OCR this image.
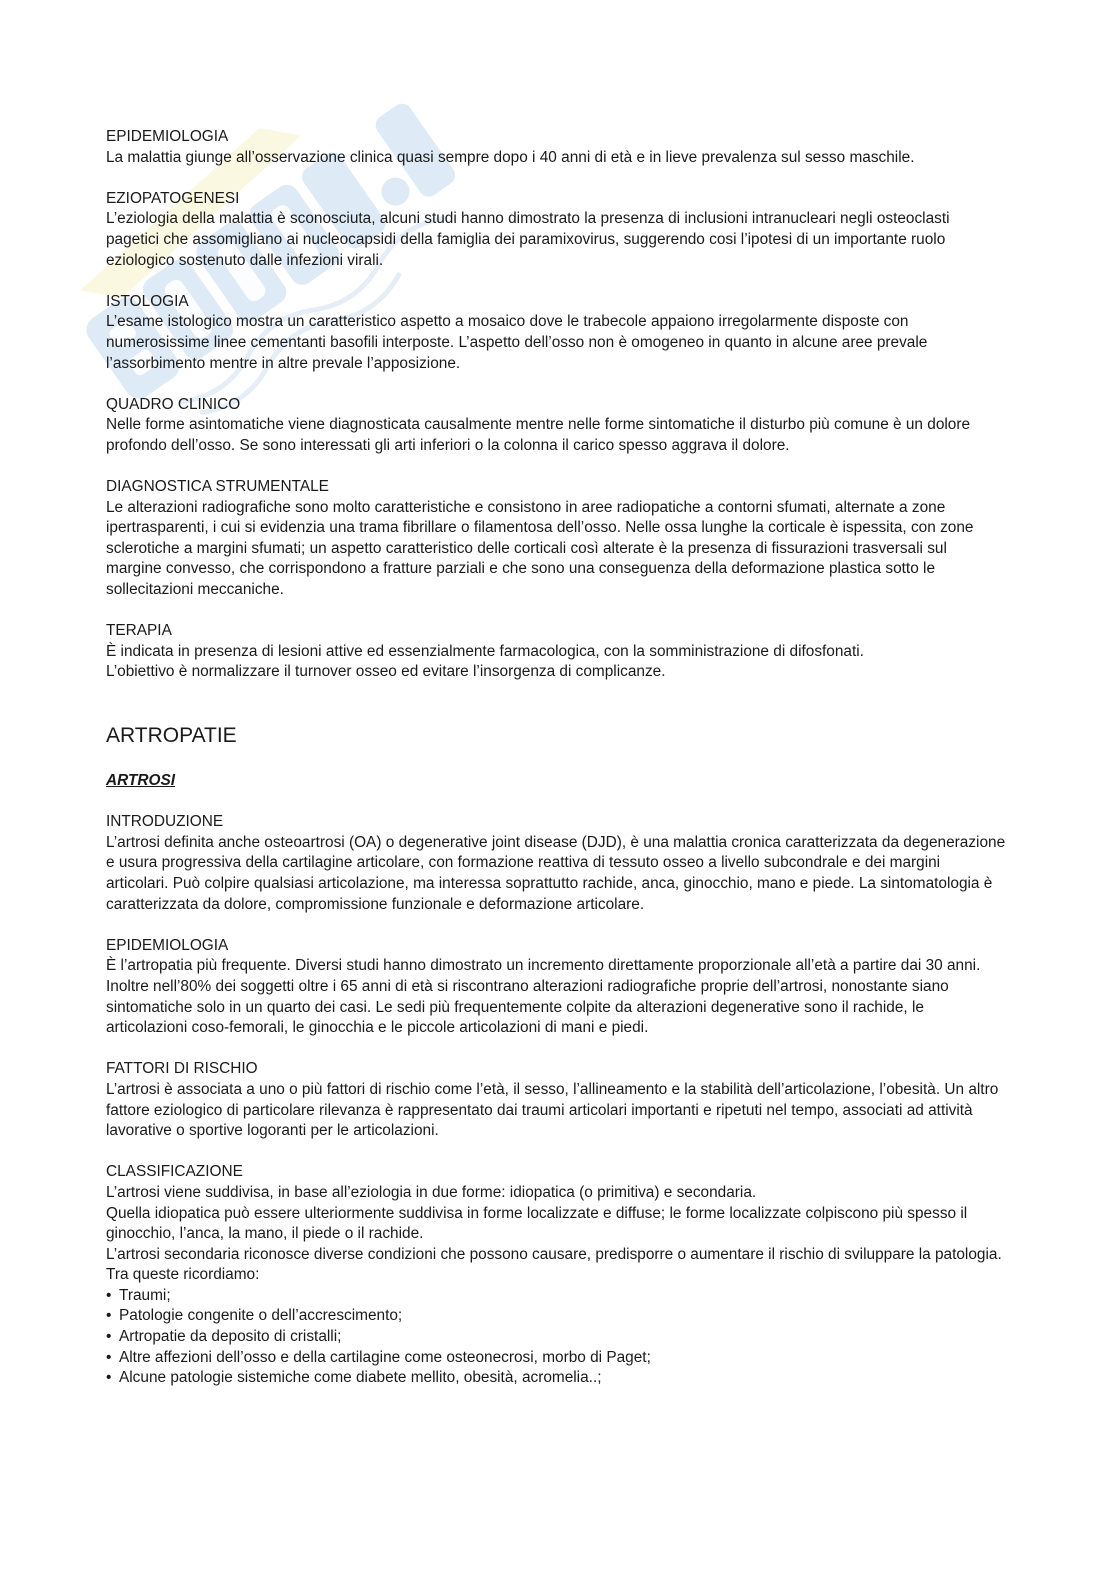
EPIDEMIOLOGIA
La malattia giunge all’osservazione clinica quasi sempre dopo i 40 anni di età e in lieve prevalenza sul sesso maschile.
EZIOPATOGENESI
L’eziologia della malattia è sconosciuta, alcuni studi hanno dimostrato la presenza di inclusioni intranucleari negli osteoclasti pagetici che assomigliano ai nucleocapsidi della famiglia dei paramixovirus, suggerendo cosi l’ipotesi di un importante ruolo eziologico sostenuto dalle infezioni virali.
ISTOLOGIA
L’esame istologico mostra un caratteristico aspetto a mosaico dove le trabecole appaiono irregolarmente disposte con numerosissime linee cementanti basofili interposte. L’aspetto dell’osso non è omogeneo in quanto in alcune aree prevale l’assorbimento mentre in altre prevale l’apposizione.
QUADRO CLINICO
Nelle forme asintomatiche viene diagnosticata causalmente mentre nelle forme sintomatiche il disturbo più comune è un dolore profondo dell’osso. Se sono interessati gli arti inferiori o la colonna il carico spesso aggrava il dolore.
DIAGNOSTICA STRUMENTALE
Le alterazioni radiografiche sono molto caratteristiche e consistono in aree radiopatiche a contorni sfumati, alternate a zone ipertrasparenti, i cui si evidenzia una trama fibrillare o filamentosa dell’osso. Nelle ossa lunghe la corticale è ispessita, con zone sclerotiche a margini sfumati; un aspetto caratteristico delle corticali così alterate è la presenza di fissurazioni trasversali sul margine convesso, che corrispondono a fratture parziali e che sono una conseguenza della deformazione plastica sotto le sollecitazioni meccaniche.
TERAPIA
È indicata in presenza di lesioni attive ed essenzialmente farmacologica, con la somministrazione di difosfonati.
L’obiettivo è normalizzare il turnover osseo ed evitare l’insorgenza di complicanze.
ARTROPATIE
ARTROSI
INTRODUZIONE
L’artrosi definita anche osteoartrosi (OA) o degenerative joint disease (DJD), è una malattia cronica caratterizzata da degenerazione e usura progressiva della cartilagine articolare, con formazione reattiva di tessuto osseo a livello subcondrale e dei margini articolari. Può colpire qualsiasi articolazione, ma interessa soprattutto rachide, anca, ginocchio, mano e piede. La sintomatologia è caratterizzata da dolore, compromissione funzionale e deformazione articolare.
EPIDEMIOLOGIA
È l’artropatia più frequente. Diversi studi hanno dimostrato un incremento direttamente proporzionale all’età a partire dai 30 anni. Inoltre nell’80% dei soggetti oltre i 65 anni di età si riscontrano alterazioni radiografiche proprie dell’artrosi, nonostante siano sintomatiche solo in un quarto dei casi. Le sedi più frequentemente colpite da alterazioni degenerative sono il rachide, le articolazioni coso-femorali, le ginocchia e le piccole articolazioni di mani e piedi.
FATTORI DI RISCHIO
L’artrosi è associata a uno o più fattori di rischio come l’età, il sesso, l’allineamento e la stabilità dell’articolazione, l’obesità. Un altro fattore eziologico di particolare rilevanza è rappresentato dai traumi articolari importanti e ripetuti nel tempo, associati ad attività lavorative o sportive logoranti per le articolazioni.
CLASSIFICAZIONE
L’artrosi viene suddivisa, in base all’eziologia in due forme: idiopatica (o primitiva) e secondaria.
Quella idiopatica può essere ulteriormente suddivisa in forme localizzate e diffuse; le forme localizzate colpiscono più spesso il ginocchio, l’anca, la mano, il piede o il rachide.
L’artrosi secondaria riconosce diverse condizioni che possono causare, predisporre o aumentare il rischio di sviluppare la patologia. Tra queste ricordiamo:
• Traumi;
• Patologie congenite o dell’accrescimento;
• Artropatie da deposito di cristalli;
• Altre affezioni dell’osso e della cartilagine come osteonecrosi, morbo di Paget;
• Alcune patologie sistemiche come diabete mellito, obesità, acromelia..;
